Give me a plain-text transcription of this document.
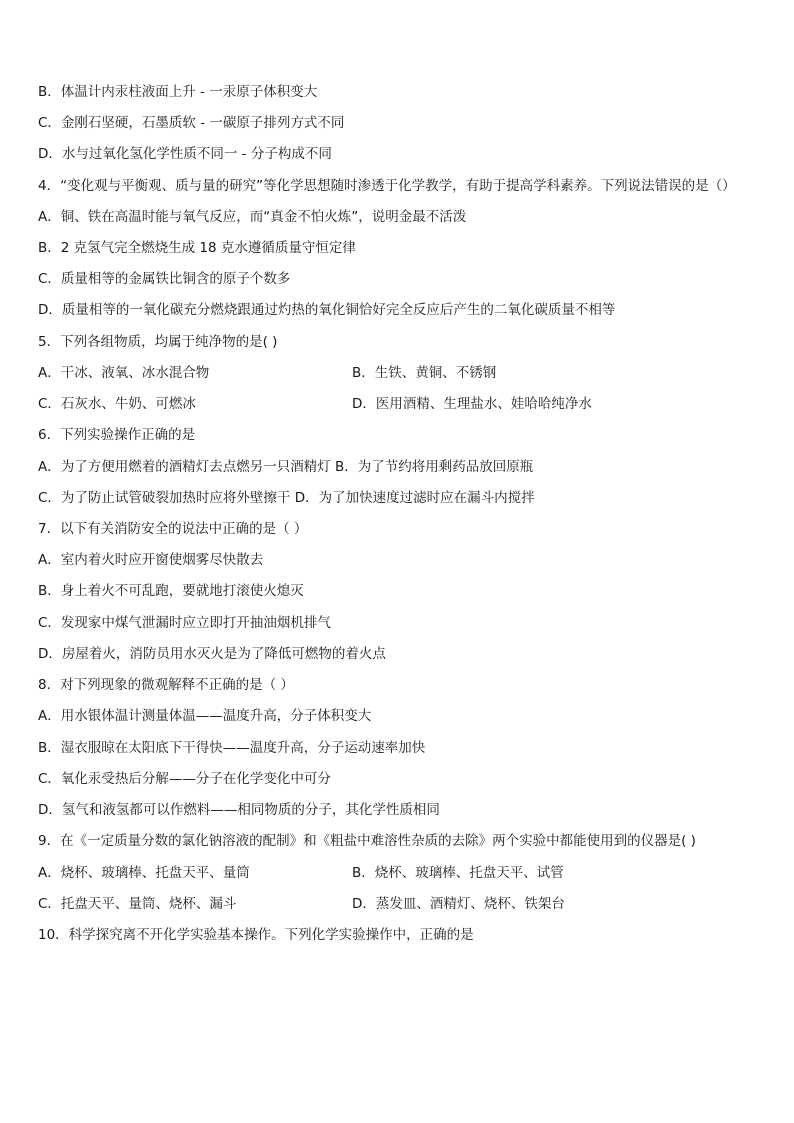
B．体温计内汞柱液面上升 - 一汞原子体积变大
C．金刚石坚硬，石墨质软 - 一碳原子排列方式不同
D．水与过氧化氢化学性质不同一 - 分子构成不同
4．“变化观与平衡观、质与量的研究”等化学思想随时渗透于化学教学，有助于提高学科素养。下列说法错误的是（）
A．铜、铁在高温时能与氧气反应，而“真金不怕火炼”，说明金最不活泼
B．2 克氢气完全燃烧生成 18 克水遵循质量守恒定律
C．质量相等的金属铁比铜含的原子个数多
D．质量相等的一氧化碳充分燃烧跟通过灼热的氧化铜恰好完全反应后产生的二氧化碳质量不相等
5．下列各组物质，均属于纯净物的是( )
A．干冰、液氧、冰水混合物	B．生铁、黄铜、不锈钢
C．石灰水、牛奶、可燃冰	D．医用酒精、生理盐水、娃哈哈纯净水
6．下列实验操作正确的是
A．为了方便用燃着的酒精灯去点燃另一只酒精灯 B．为了节约将用剩药品放回原瓶
C．为了防止试管破裂加热时应将外壁擦干 D．为了加快速度过滤时应在漏斗内搅拌
7．以下有关消防安全的说法中正确的是（ ）
A．室内着火时应开窗使烟雾尽快散去
B．身上着火不可乱跑，要就地打滚使火熄灭
C．发现家中煤气泄漏时应立即打开抽油烟机排气
D．房屋着火，消防员用水灭火是为了降低可燃物的着火点
8．对下列现象的微观解释不正确的是（ ）
A．用水银体温计测量体温——温度升高，分子体积变大
B．湿衣服晾在太阳底下干得快——温度升高，分子运动速率加快
C．氧化汞受热后分解——分子在化学变化中可分
D．氢气和液氢都可以作燃料——相同物质的分子，其化学性质相同
9．在《一定质量分数的氯化钠溶液的配制》和《粗盐中难溶性杂质的去除》两个实验中都能使用到的仪器是( )
A．烧杯、玻璃棒、托盘天平、量筒	B．烧杯、玻璃棒、托盘天平、试管
C．托盘天平、量筒、烧杯、漏斗	D．蒸发皿、酒精灯、烧杯、铁架台
10．科学探究离不开化学实验基本操作。下列化学实验操作中，正确的是
